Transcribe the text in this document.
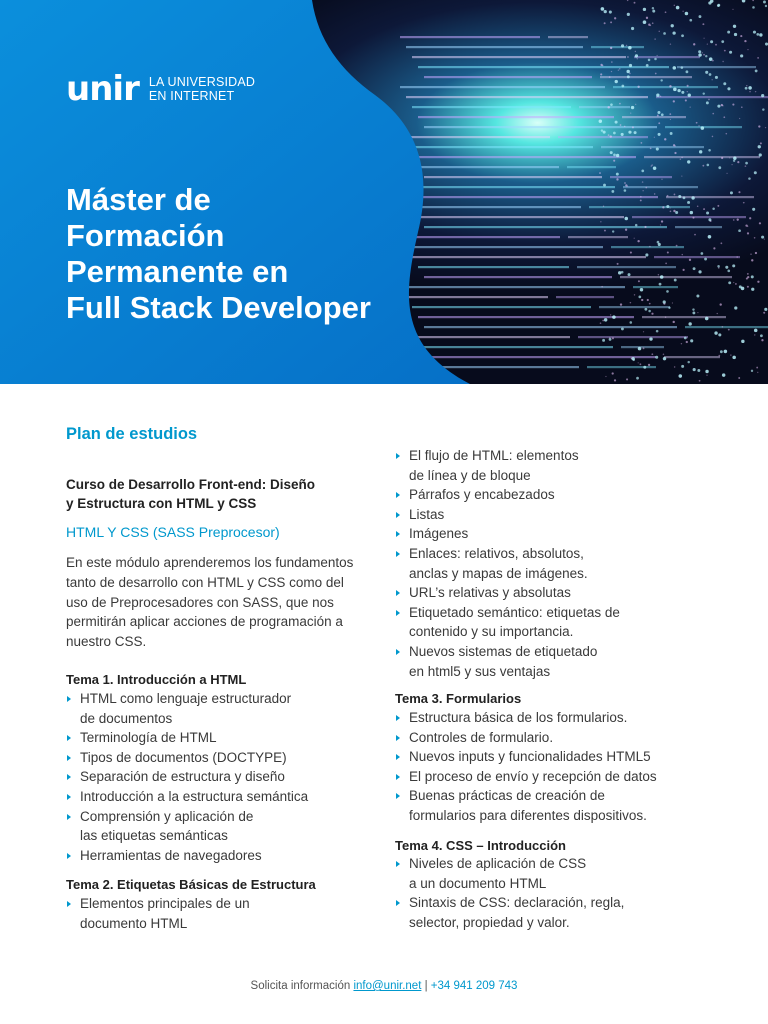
unir LA UNIVERSIDAD
EN INTERNET
Máster de
Formación
Permanente en
Full Stack Developer
Plan de estudios
Curso de Desarrollo Front-end: Diseño
y Estructura con HTML y CSS
HTML Y CSS (SASS Preprocesor)
En este módulo aprenderemos los fundamentos
tanto de desarrollo con HTML y CSS como del
uso de Preprocesadores con SASS, que nos
permitirán aplicar acciones de programación a
nuestro CSS.
Tema 1. Introducción a HTML
HTML como lenguaje estructurador
de documentos
Terminología de HTML
Tipos de documentos (DOCTYPE)
Separación de estructura y diseño
Introducción a la estructura semántica
Comprensión y aplicación de
las etiquetas semánticas
Herramientas de navegadores
Tema 2. Etiquetas Básicas de Estructura
Elementos principales de un
documento HTML
El flujo de HTML: elementos
de línea y de bloque
Párrafos y encabezados
Listas
Imágenes
Enlaces: relativos, absolutos,
anclas y mapas de imágenes.
URL’s relativas y absolutas
Etiquetado semántico: etiquetas de
contenido y su importancia.
Nuevos sistemas de etiquetado
en html5 y sus ventajas
Tema 3. Formularios
Estructura básica de los formularios.
Controles de formulario.
Nuevos inputs y funcionalidades HTML5
El proceso de envío y recepción de datos
Buenas prácticas de creación de
formularios para diferentes dispositivos.
Tema 4. CSS – Introducción
Niveles de aplicación de CSS
a un documento HTML
Sintaxis de CSS: declaración, regla,
selector, propiedad y valor.
Solicita información info@unir.net | +34 941 209 743
